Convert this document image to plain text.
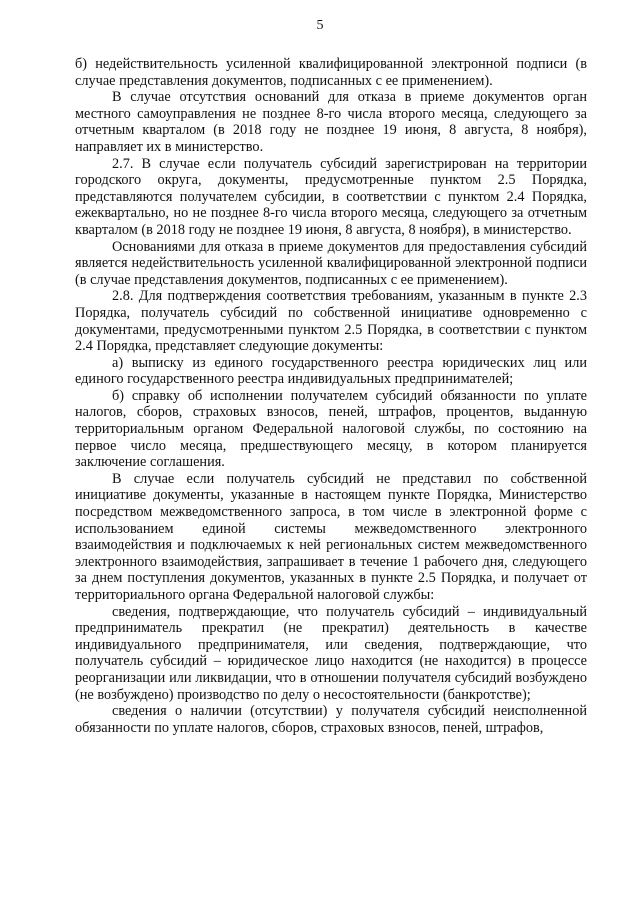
5

б) недействительность усиленной квалифицированной электронной подписи (в случае представления документов, подписанных с ее применением).

В случае отсутствия оснований для отказа в приеме документов орган местного самоуправления не позднее 8-го числа второго месяца, следующего за отчетным кварталом (в 2018 году не позднее 19 июня, 8 августа, 8 ноября), направляет их в министерство.

2.7. В случае если получатель субсидий зарегистрирован на территории городского округа, документы, предусмотренные пунктом 2.5 Порядка, представляются получателем субсидии, в соответствии с пунктом 2.4 Порядка, ежеквартально, но не позднее 8-го числа второго месяца, следующего за отчетным кварталом (в 2018 году не позднее 19 июня, 8 августа, 8 ноября), в министерство.

Основаниями для отказа в приеме документов для предоставления субсидий является недействительность усиленной квалифицированной электронной подписи (в случае представления документов, подписанных с ее применением).

2.8. Для подтверждения соответствия требованиям, указанным в пункте 2.3 Порядка, получатель субсидий по собственной инициативе одновременно с документами, предусмотренными пунктом 2.5 Порядка, в соответствии с пунктом 2.4 Порядка, представляет следующие документы:

а) выписку из единого государственного реестра юридических лиц или единого государственного реестра индивидуальных предпринимателей;

б) справку об исполнении получателем субсидий обязанности по уплате налогов, сборов, страховых взносов, пеней, штрафов, процентов, выданную территориальным органом Федеральной налоговой службы, по состоянию на первое число месяца, предшествующего месяцу, в котором планируется заключение соглашения.

В случае если получатель субсидий не представил по собственной инициативе документы, указанные в настоящем пункте Порядка, Министерство посредством межведомственного запроса, в том числе в электронной форме с использованием единой системы межведомственного электронного взаимодействия и подключаемых к ней региональных систем межведомственного электронного взаимодействия, запрашивает в течение 1 рабочего дня, следующего за днем поступления документов, указанных в пункте 2.5 Порядка, и получает от территориального органа Федеральной налоговой службы:

сведения, подтверждающие, что получатель субсидий – индивидуальный предприниматель прекратил (не прекратил) деятельность в качестве индивидуального предпринимателя, или сведения, подтверждающие, что получатель субсидий – юридическое лицо находится (не находится) в процессе реорганизации или ликвидации, что в отношении получателя субсидий возбуждено (не возбуждено) производство по делу о несостоятельности (банкротстве);

сведения о наличии (отсутствии) у получателя субсидий неисполненной обязанности по уплате налогов, сборов, страховых взносов, пеней, штрафов,
